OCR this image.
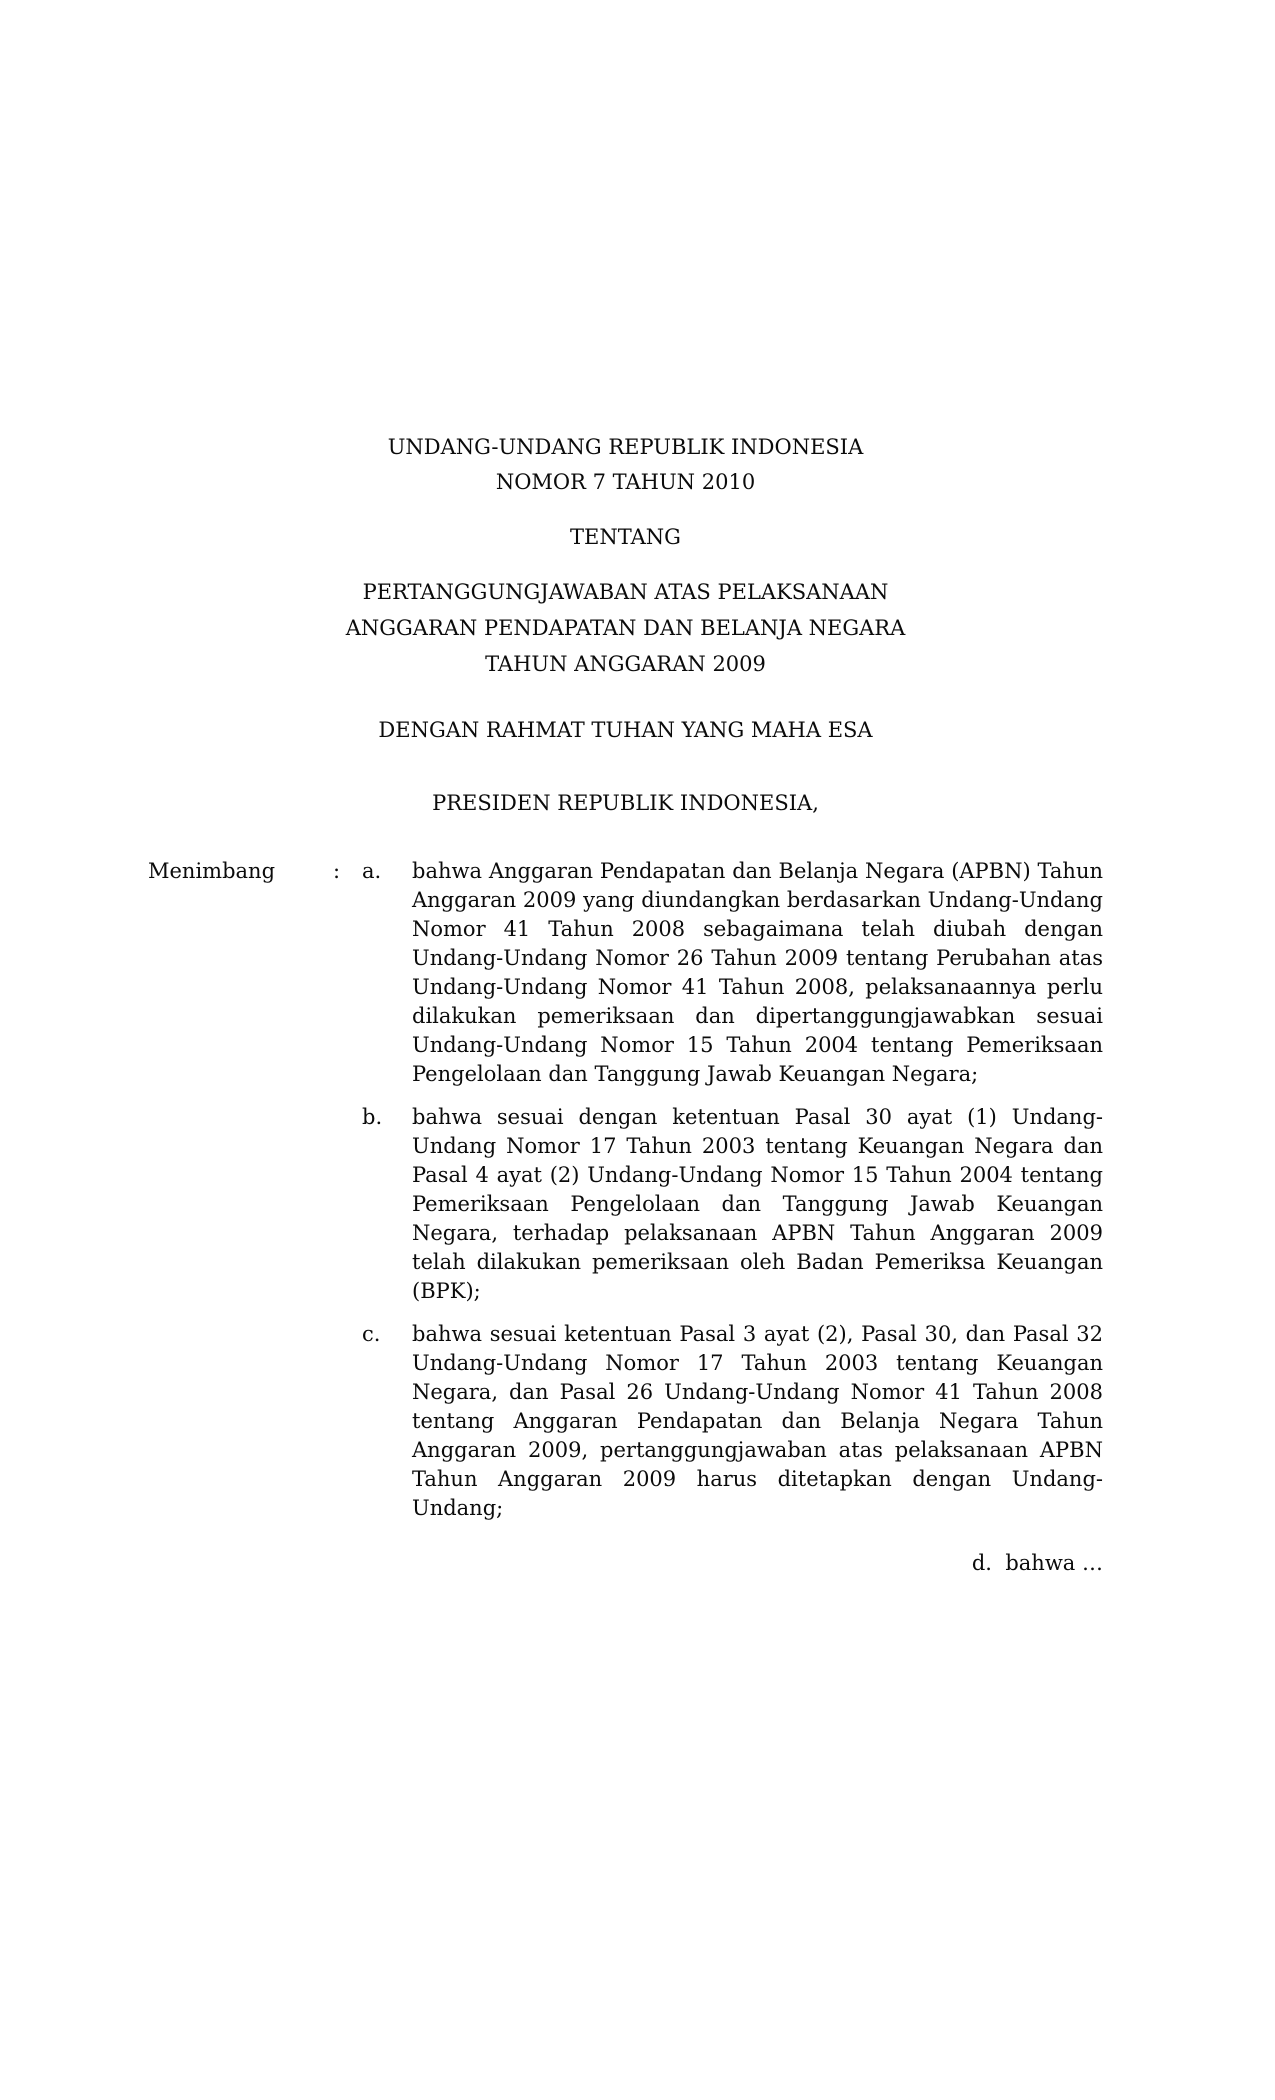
UNDANG-UNDANG REPUBLIK INDONESIA
NOMOR 7 TAHUN 2010
TENTANG
PERTANGGUNGJAWABAN ATAS PELAKSANAAN
ANGGARAN PENDAPATAN DAN BELANJA NEGARA
TAHUN ANGGARAN 2009
DENGAN RAHMAT TUHAN YANG MAHA ESA
PRESIDEN REPUBLIK INDONESIA,
Menimbang	:	a.	bahwa Anggaran Pendapatan dan Belanja Negara (APBN) Tahun Anggaran 2009 yang diundangkan berdasarkan Undang-Undang Nomor 41 Tahun 2008 sebagaimana telah diubah dengan Undang-Undang Nomor 26 Tahun 2009 tentang Perubahan atas Undang-Undang Nomor 41 Tahun 2008, pelaksanaannya perlu dilakukan pemeriksaan dan dipertanggungjawabkan sesuai Undang-Undang Nomor 15 Tahun 2004 tentang Pemeriksaan Pengelolaan dan Tanggung Jawab Keuangan Negara;
b.	bahwa sesuai dengan ketentuan Pasal 30 ayat (1) Undang-Undang Nomor 17 Tahun 2003 tentang Keuangan Negara dan Pasal 4 ayat (2) Undang-Undang Nomor 15 Tahun 2004 tentang Pemeriksaan Pengelolaan dan Tanggung Jawab Keuangan Negara, terhadap pelaksanaan APBN Tahun Anggaran 2009 telah dilakukan pemeriksaan oleh Badan Pemeriksa Keuangan (BPK);
c.	bahwa sesuai ketentuan Pasal 3 ayat (2), Pasal 30, dan Pasal 32 Undang-Undang Nomor 17 Tahun 2003 tentang Keuangan Negara, dan Pasal 26 Undang-Undang Nomor 41 Tahun 2008 tentang Anggaran Pendapatan dan Belanja Negara Tahun Anggaran 2009, pertanggungjawaban atas pelaksanaan APBN Tahun Anggaran 2009 harus ditetapkan dengan Undang-Undang;
d.  bahwa …
